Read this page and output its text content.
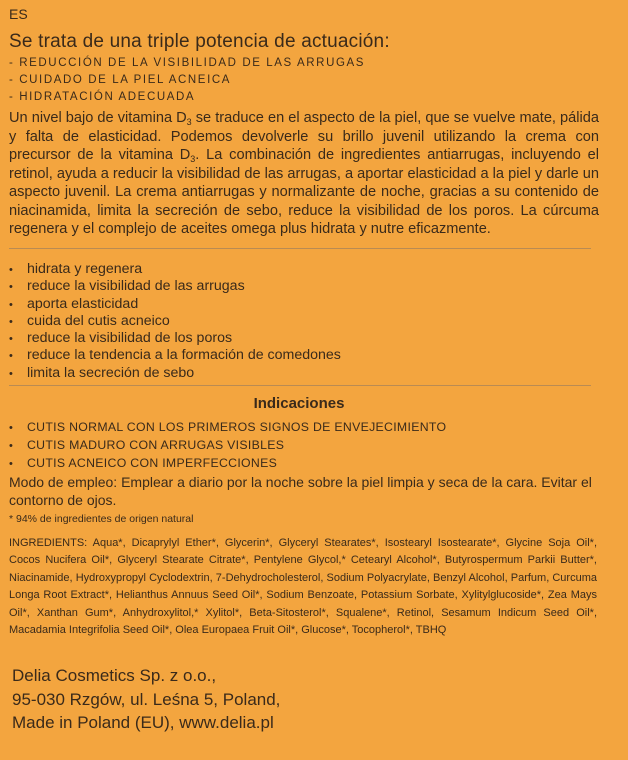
ES
Se trata de una triple potencia de actuación:
- REDUCCIÓN DE LA VISIBILIDAD DE LAS ARRUGAS
- CUIDADO DE LA PIEL ACNEICA
- HIDRATACIÓN ADECUADA
Un nivel bajo de vitamina $D_3$ se traduce en el aspecto de la piel, que se vuelve mate, pálida y falta de elasticidad. Podemos devolverle su brillo juvenil utilizando la crema con precursor de la vitamina $D_3$. La combinación de ingredientes antiarrugas, incluyendo el retinol, ayuda a reducir la visibilidad de las arrugas, a aportar elasticidad a la piel y darle un aspecto juvenil. La crema antiarrugas y normalizante de noche, gracias a su contenido de niacinamida, limita la secreción de sebo, reduce la visibilidad de los poros. La cúrcuma regenera y el complejo de aceites omega plus hidrata y nutre eficazmente.
• hidrata y regenera
• reduce la visibilidad de las arrugas
• aporta elasticidad
• cuida del cutis acneico
• reduce la visibilidad de los poros
• reduce la tendencia a la formación de comedones
• limita la secreción de sebo
Indicaciones
• CUTIS NORMAL CON LOS PRIMEROS SIGNOS DE ENVEJECIMIENTO
• CUTIS MADURO CON ARRUGAS VISIBLES
• CUTIS ACNEICO CON IMPERFECCIONES
Modo de empleo: Emplear a diario por la noche sobre la piel limpia y seca de la cara. Evitar el contorno de ojos.
* 94% de ingredientes de origen natural
INGREDIENTS: Aqua*, Dicaprylyl Ether*, Glycerin*, Glyceryl Stearates*, Isostearyl Isostearate*, Glycine Soja Oil*, Cocos Nucifera Oil*, Glyceryl Stearate Citrate*, Pentylene Glycol,* Cetearyl Alcohol*, Butyrospermum Parkii Butter*, Niacinamide, Hydroxypropyl Cyclodextrin, 7-Dehydrocholesterol, Sodium Polyacrylate, Benzyl Alcohol, Parfum, Curcuma Longa Root Extract*, Helianthus Annuus Seed Oil*, Sodium Benzoate, Potassium Sorbate, Xylitylglucoside*, Zea Mays Oil*, Xanthan Gum*, Anhydroxylitol,* Xylitol*, Beta-Sitosterol*, Squalene*, Retinol, Sesamum Indicum Seed Oil*, Macadamia Integrifolia Seed Oil*, Olea Europaea Fruit Oil*, Glucose*, Tocopherol*, TBHQ
Delia Cosmetics Sp. z o.o.,
95-030 Rzgów, ul. Leśna 5, Poland,
Made in Poland (EU), www.delia.pl
